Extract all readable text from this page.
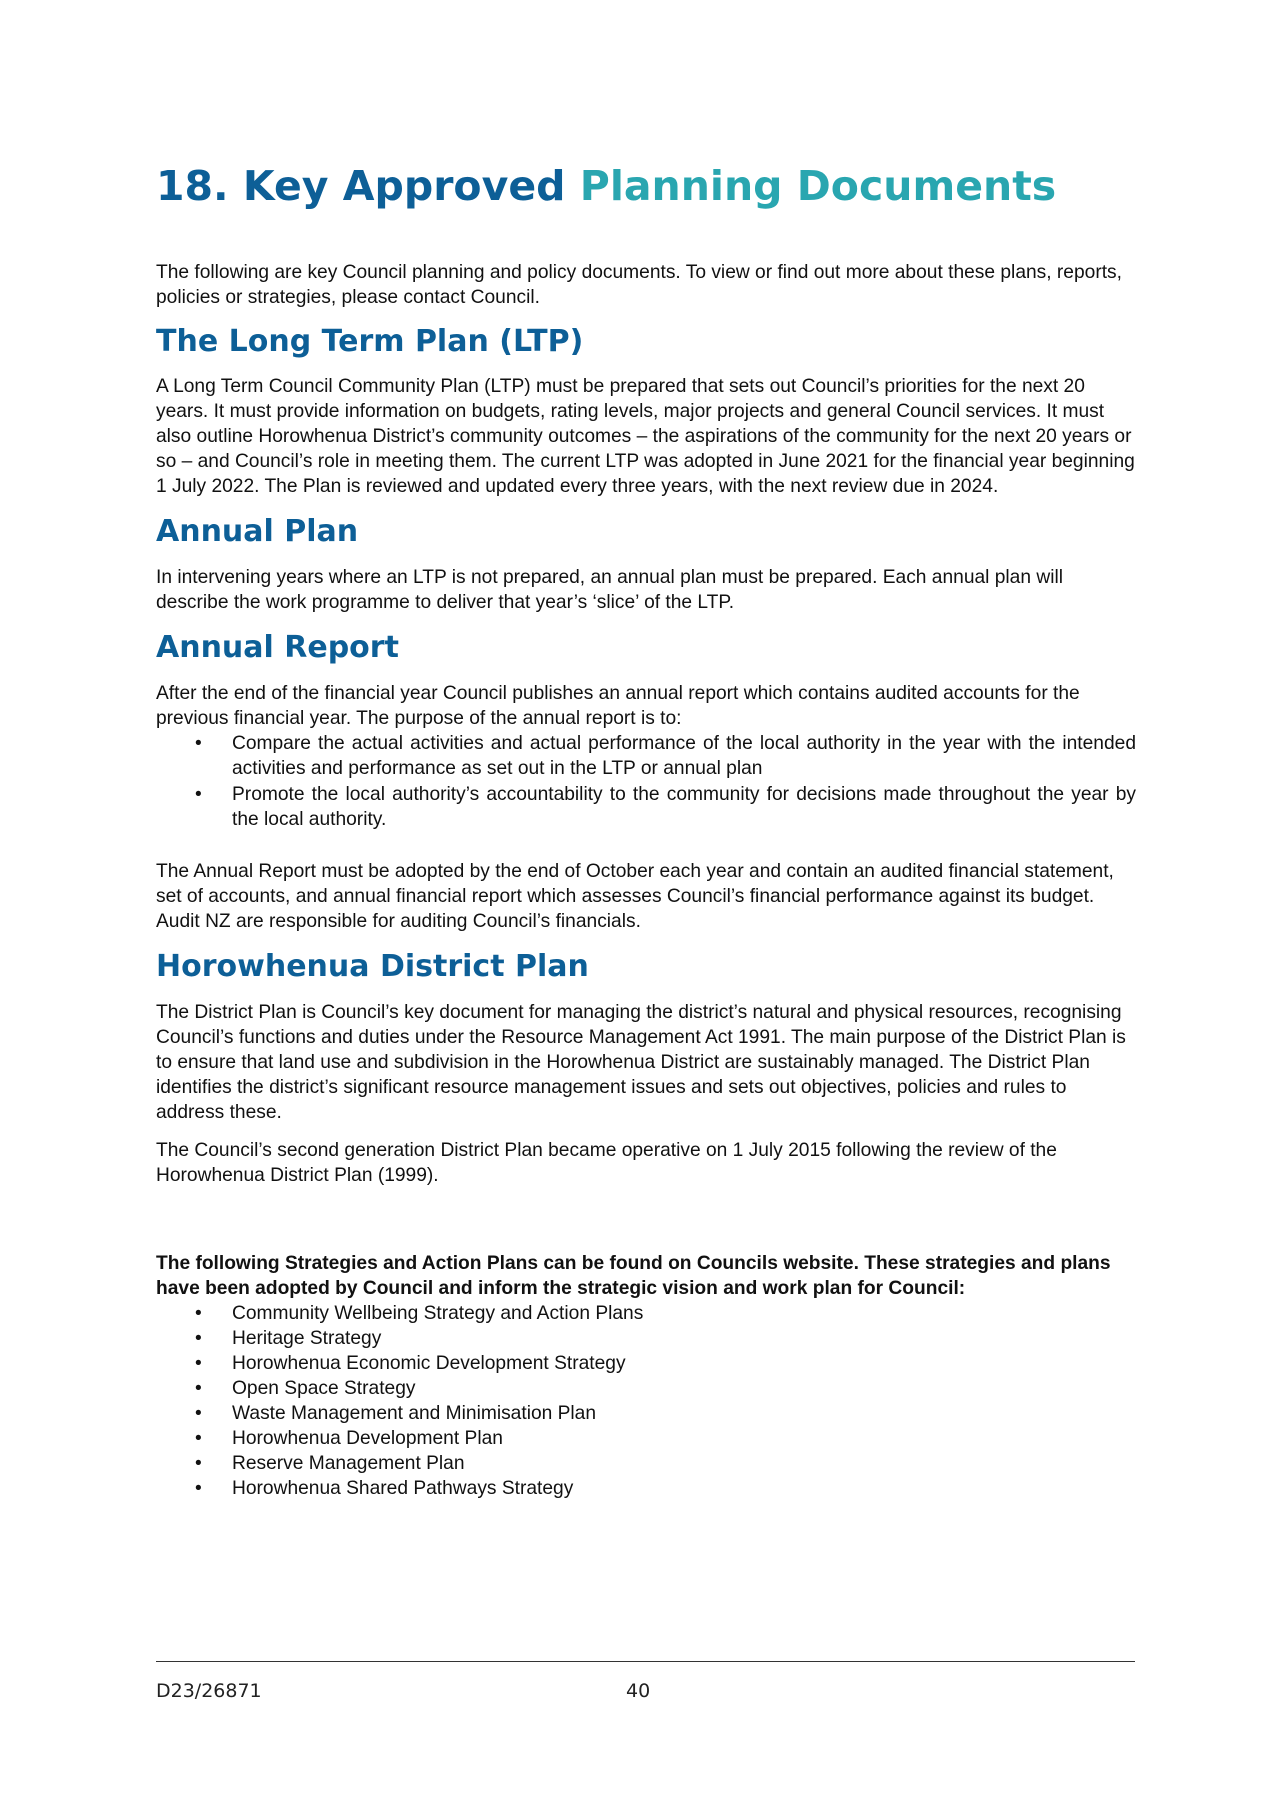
18. Key Approved Planning Documents

The following are key Council planning and policy documents. To view or find out more about these plans, reports, policies or strategies, please contact Council.

The Long Term Plan (LTP)

A Long Term Council Community Plan (LTP) must be prepared that sets out Council’s priorities for the next 20 years. It must provide information on budgets, rating levels, major projects and general Council services. It must also outline Horowhenua District’s community outcomes – the aspirations of the community for the next 20 years or so – and Council’s role in meeting them. The current LTP was adopted in June 2021 for the financial year beginning 1 July 2022. The Plan is reviewed and updated every three years, with the next review due in 2024.

Annual Plan

In intervening years where an LTP is not prepared, an annual plan must be prepared. Each annual plan will describe the work programme to deliver that year’s ‘slice’ of the LTP.

Annual Report

After the end of the financial year Council publishes an annual report which contains audited accounts for the previous financial year. The purpose of the annual report is to:

• Compare the actual activities and actual performance of the local authority in the year with the intended activities and performance as set out in the LTP or annual plan
• Promote the local authority’s accountability to the community for decisions made throughout the year by the local authority.

The Annual Report must be adopted by the end of October each year and contain an audited financial statement, set of accounts, and annual financial report which assesses Council’s financial performance against its budget. Audit NZ are responsible for auditing Council’s financials.

Horowhenua District Plan

The District Plan is Council’s key document for managing the district’s natural and physical resources, recognising Council’s functions and duties under the Resource Management Act 1991. The main purpose of the District Plan is to ensure that land use and subdivision in the Horowhenua District are sustainably managed. The District Plan identifies the district’s significant resource management issues and sets out objectives, policies and rules to address these.

The Council’s second generation District Plan became operative on 1 July 2015 following the review of the Horowhenua District Plan (1999).

The following Strategies and Action Plans can be found on Councils website. These strategies and plans have been adopted by Council and inform the strategic vision and work plan for Council:

• Community Wellbeing Strategy and Action Plans
• Heritage Strategy
• Horowhenua Economic Development Strategy
• Open Space Strategy
• Waste Management and Minimisation Plan
• Horowhenua Development Plan
• Reserve Management Plan
• Horowhenua Shared Pathways Strategy
D23/26871	40
